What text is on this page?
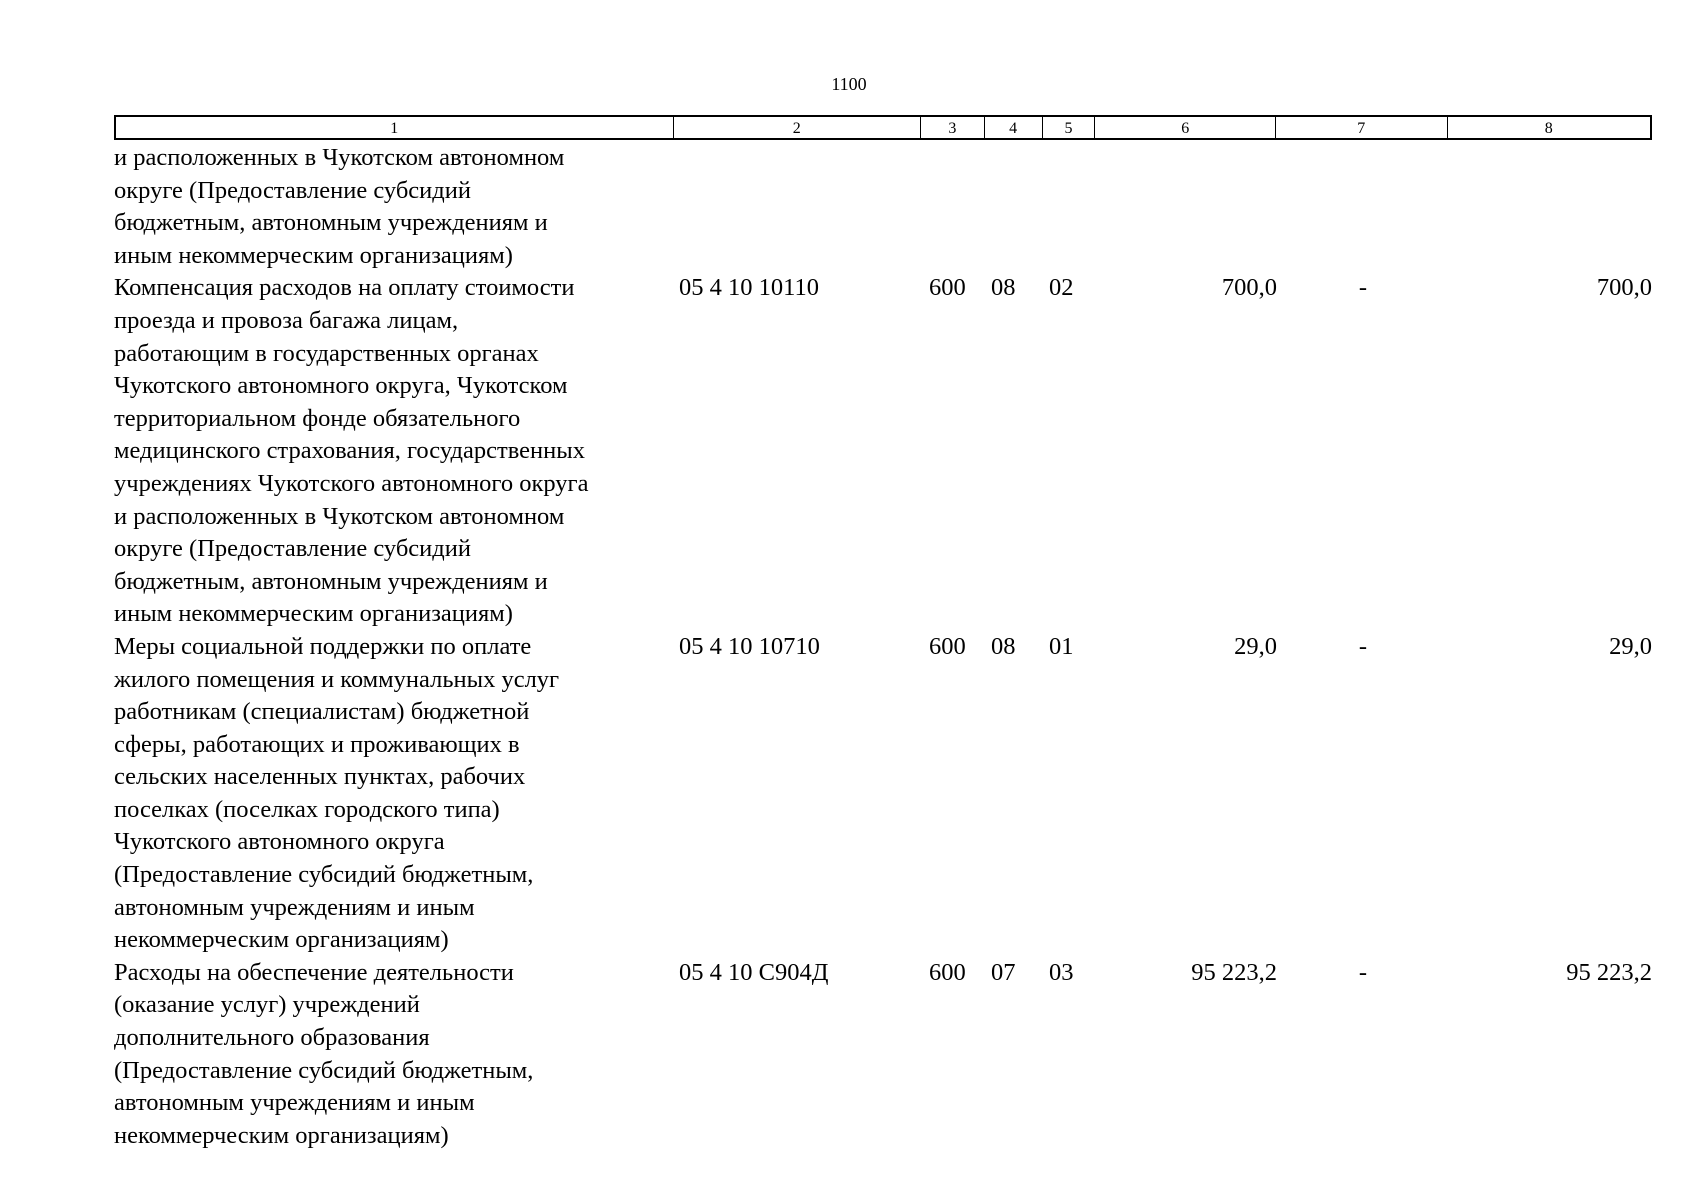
1100
1	2	3	4	5	6	7	8
и расположенных в Чукотском автономном
округе (Предоставление субсидий
бюджетным, автономным учреждениям и
иным некоммерческим организациям)
Компенсация расходов на оплату стоимости
проезда и провоза багажа лицам,
работающим в государственных органах
Чукотского автономного округа, Чукотском
территориальном фонде обязательного
медицинского страхования, государственных
учреждениях Чукотского автономного округа
и расположенных в Чукотском автономном
округе (Предоставление субсидий
бюджетным, автономным учреждениям и
иным некоммерческим организациям)
05 4 10 10110	600	08	02	700,0	-	700,0
Меры социальной поддержки по оплате
жилого помещения и коммунальных услуг
работникам (специалистам) бюджетной
сферы, работающих и проживающих в
сельских населенных пунктах, рабочих
поселках (поселках городского типа)
Чукотского автономного округа
(Предоставление субсидий бюджетным,
автономным учреждениям и иным
некоммерческим организациям)
05 4 10 10710	600	08	01	29,0	-	29,0
Расходы на обеспечение деятельности
(оказание услуг) учреждений
дополнительного образования
(Предоставление субсидий бюджетным,
автономным учреждениям и иным
некоммерческим организациям)
05 4 10 С904Д	600	07	03	95 223,2	-	95 223,2
